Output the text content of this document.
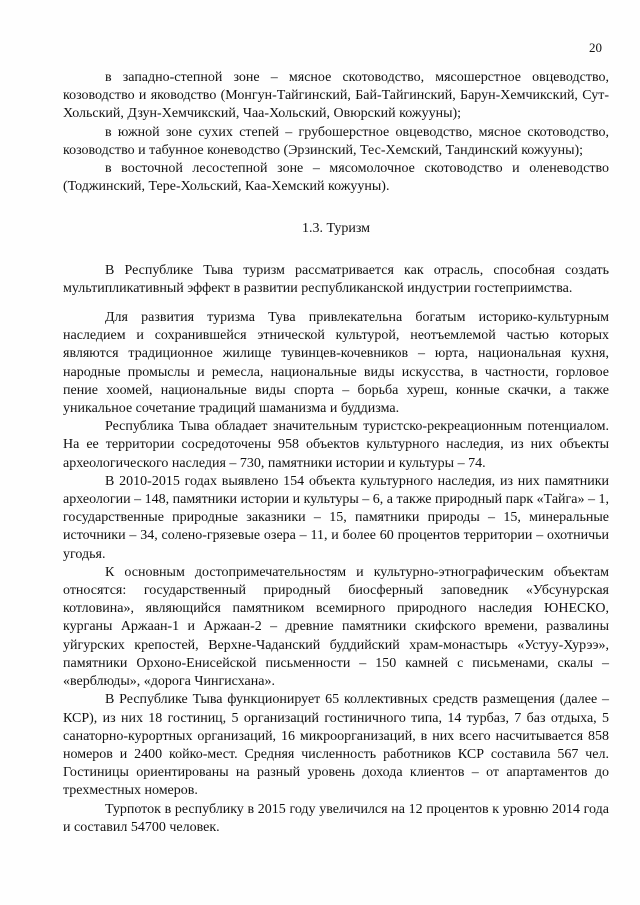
20

в западно-степной зоне – мясное скотоводство, мясошерстное овцеводство, козоводство и яководство (Монгун-Тайгинский, Бай-Тайгинский, Барун-Хемчикский, Сут-Хольский, Дзун-Хемчикский, Чаа-Хольский, Овюрский кожууны);

в южной зоне сухих степей – грубошерстное овцеводство, мясное скотоводство, козоводство и табунное коневодство (Эрзинский, Тес-Хемский, Тандинский кожууны);

в восточной лесостепной зоне – мясомолочное скотоводство и оленеводство (Тоджинский, Тере-Хольский, Каа-Хемский кожууны).

1.3. Туризм

В Республике Тыва туризм рассматривается как отрасль, способная создать мультипликативный эффект в развитии республиканской индустрии гостеприимства.

Для развития туризма Тува привлекательна богатым историко-культурным наследием и сохранившейся этнической культурой, неотъемлемой частью которых являются традиционное жилище тувинцев-кочевников – юрта, национальная кухня, народные промыслы и ремесла, национальные виды искусства, в частности, горловое пение хоомей, национальные виды спорта – борьба хуреш, конные скачки, а также уникальное сочетание традиций шаманизма и буддизма.

Республика Тыва обладает значительным туристско-рекреационным потенциалом. На ее территории сосредоточены 958 объектов культурного наследия, из них объекты археологического наследия – 730, памятники истории и культуры – 74.

В 2010-2015 годах выявлено 154 объекта культурного наследия, из них памятники археологии – 148, памятники истории и культуры – 6, а также природный парк «Тайга» – 1, государственные природные заказники – 15, памятники природы – 15, минеральные источники – 34, солено-грязевые озера – 11, и более 60 процентов территории – охотничьи угодья.

К основным достопримечательностям и культурно-этнографическим объектам относятся: государственный природный биосферный заповедник «Убсунурская котловина», являющийся памятником всемирного природного наследия ЮНЕСКО, курганы Аржаан-1 и Аржаан-2 – древние памятники скифского времени, развалины уйгурских крепостей, Верхне-Чаданский буддийский храм-монастырь «Устуу-Хурээ», памятники Орхоно-Енисейской письменности – 150 камней с письменами, скалы – «верблюды», «дорога Чингисхана».

В Республике Тыва функционирует 65 коллективных средств размещения (далее – КСР), из них 18 гостиниц, 5 организаций гостиничного типа, 14 турбаз, 7 баз отдыха, 5 санаторно-курортных организаций, 16 микроорганизаций, в них всего насчитывается 858 номеров и 2400 койко-мест. Средняя численность работников КСР составила 567 чел. Гостиницы ориентированы на разный уровень дохода клиентов – от апартаментов до трехместных номеров.

Турпоток в республику в 2015 году увеличился на 12 процентов к уровню 2014 года и составил 54700 человек.
